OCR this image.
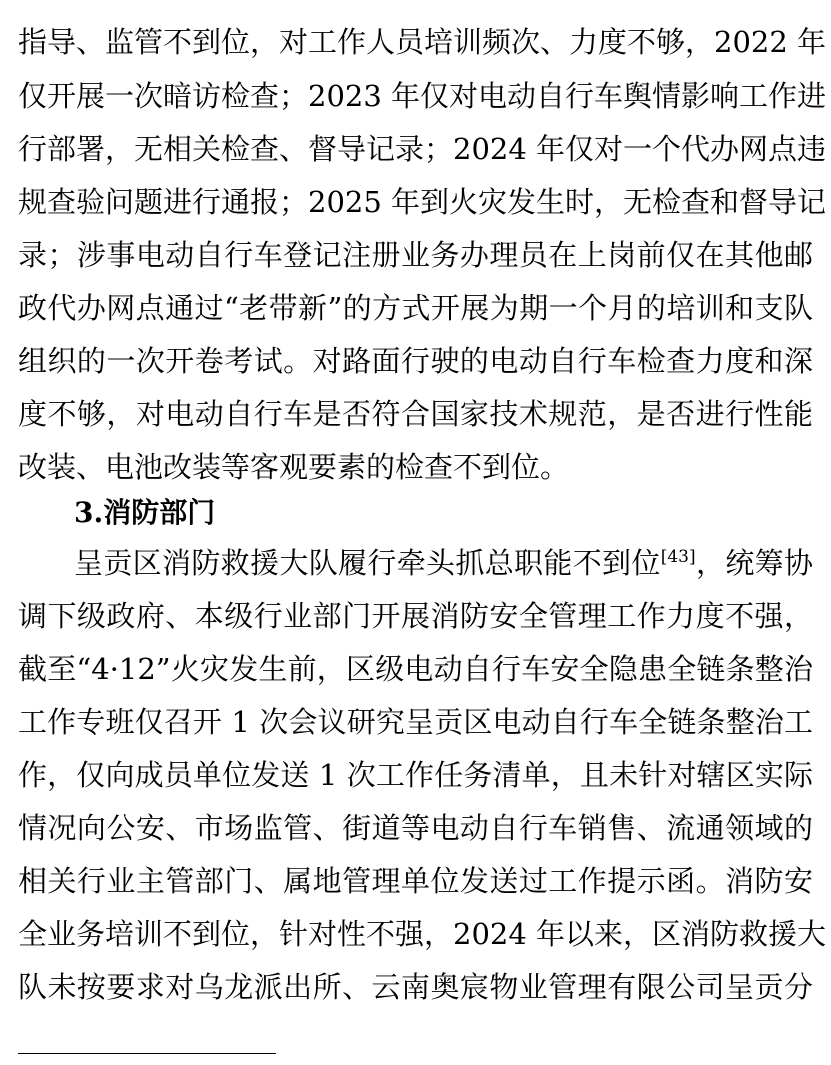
指导、监管不到位，对工作人员培训频次、力度不够，2022 年
仅开展一次暗访检查；2023 年仅对电动自行车舆情影响工作进
行部署，无相关检查、督导记录；2024 年仅对一个代办网点违
规查验问题进行通报；2025 年到火灾发生时，无检查和督导记
录；涉事电动自行车登记注册业务办理员在上岗前仅在其他邮
政代办网点通过“老带新”的方式开展为期一个月的培训和支队
组织的一次开卷考试。对路面行驶的电动自行车检查力度和深
度不够，对电动自行车是否符合国家技术规范，是否进行性能
改装、电池改装等客观要素的检查不到位。
3.消防部门
呈贡区消防救援大队履行牵头抓总职能不到位[43]，统筹协
调下级政府、本级行业部门开展消防安全管理工作力度不强，
截至“4·12”火灾发生前，区级电动自行车安全隐患全链条整治
工作专班仅召开 1 次会议研究呈贡区电动自行车全链条整治工
作，仅向成员单位发送 1 次工作任务清单，且未针对辖区实际
情况向公安、市场监管、街道等电动自行车销售、流通领域的
相关行业主管部门、属地管理单位发送过工作提示函。消防安
全业务培训不到位，针对性不强，2024 年以来，区消防救援大
队未按要求对乌龙派出所、云南奥宸物业管理有限公司呈贡分
